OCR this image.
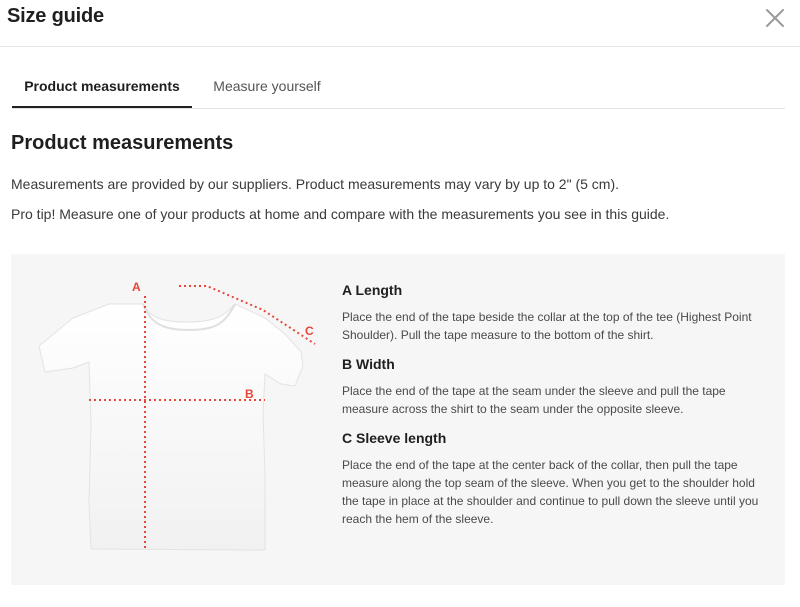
Size guide
Product measurements	Measure yourself
Product measurements
Measurements are provided by our suppliers. Product measurements may vary by up to 2" (5 cm).
Pro tip! Measure one of your products at home and compare with the measurements you see in this guide.
A
B
C
A Length
Place the end of the tape beside the collar at the top of the tee (Highest Point Shoulder). Pull the tape measure to the bottom of the shirt.
B Width
Place the end of the tape at the seam under the sleeve and pull the tape measure across the shirt to the seam under the opposite sleeve.
C Sleeve length
Place the end of the tape at the center back of the collar, then pull the tape measure along the top seam of the sleeve. When you get to the shoulder hold the tape in place at the shoulder and continue to pull down the sleeve until you reach the hem of the sleeve.
